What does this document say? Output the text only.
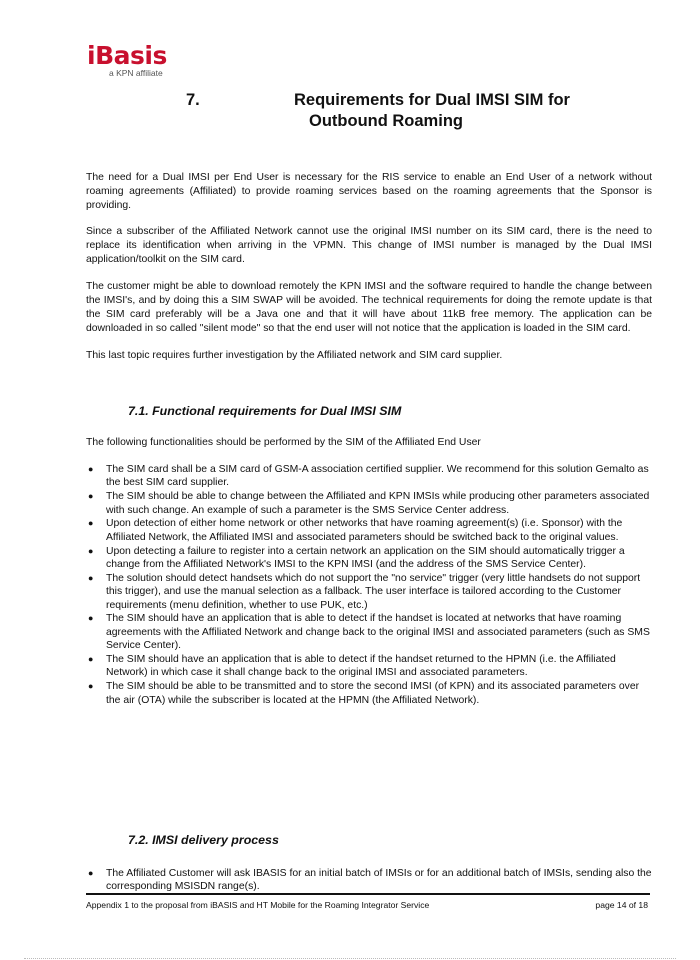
iBasis
a KPN affiliate
7.	Requirements for Dual IMSI SIM for
Outbound Roaming

The need for a Dual IMSI per End User is necessary for the RIS service to enable an End User of a network without roaming agreements (Affiliated) to provide roaming services based on the roaming agreements that the Sponsor is providing.

Since a subscriber of the Affiliated Network cannot use the original IMSI number on its SIM card, there is the need to replace its identification when arriving in the VPMN. This change of IMSI number is managed by the Dual IMSI application/toolkit on the SIM card.

The customer might be able to download remotely the KPN IMSI and the software required to handle the change between the IMSI's, and by doing this a SIM SWAP will be avoided. The technical requirements for doing the remote update is that the SIM card preferably will be a Java one and that it will have about 11kB free memory. The application can be downloaded in so called "silent mode" so that the end user will not notice that the application is loaded in the SIM card.

This last topic requires further investigation by the Affiliated network and SIM card supplier.

7.1. Functional requirements for Dual IMSI SIM

The following functionalities should be performed by the SIM of the Affiliated End User

● The SIM card shall be a SIM card of GSM-A association certified supplier. We recommend for this solution Gemalto as the best SIM card supplier.
● The SIM should be able to change between the Affiliated and KPN IMSIs while producing other parameters associated with such change. An example of such a parameter is the SMS Service Center address.
● Upon detection of either home network or other networks that have roaming agreement(s) (i.e. Sponsor) with the Affiliated Network, the Affiliated IMSI and associated parameters should be switched back to the original values.
● Upon detecting a failure to register into a certain network an application on the SIM should automatically trigger a change from the Affiliated Network's IMSI to the KPN IMSI (and the address of the SMS Service Center).
● The solution should detect handsets which do not support the "no service" trigger (very little handsets do not support this trigger), and use the manual selection as a fallback. The user interface is tailored according to the Customer requirements (menu definition, whether to use PUK, etc.)
● The SIM should have an application that is able to detect if the handset is located at networks that have roaming agreements with the Affiliated Network and change back to the original IMSI and associated parameters (such as SMS Service Center).
● The SIM should have an application that is able to detect if the handset returned to the HPMN (i.e. the Affiliated Network) in which case it shall change back to the original IMSI and associated parameters.
● The SIM should be able to be transmitted and to store the second IMSI (of KPN) and its associated parameters over the air (OTA) while the subscriber is located at the HPMN (the Affiliated Network).
7.2. IMSI delivery process
● The Affiliated Customer will ask IBASIS for an initial batch of IMSIs or for an additional batch of IMSIs, sending also the corresponding MSISDN range(s).
Appendix 1 to the proposal from iBASIS and HT Mobile for the Roaming Integrator Service	page 14 of 18
